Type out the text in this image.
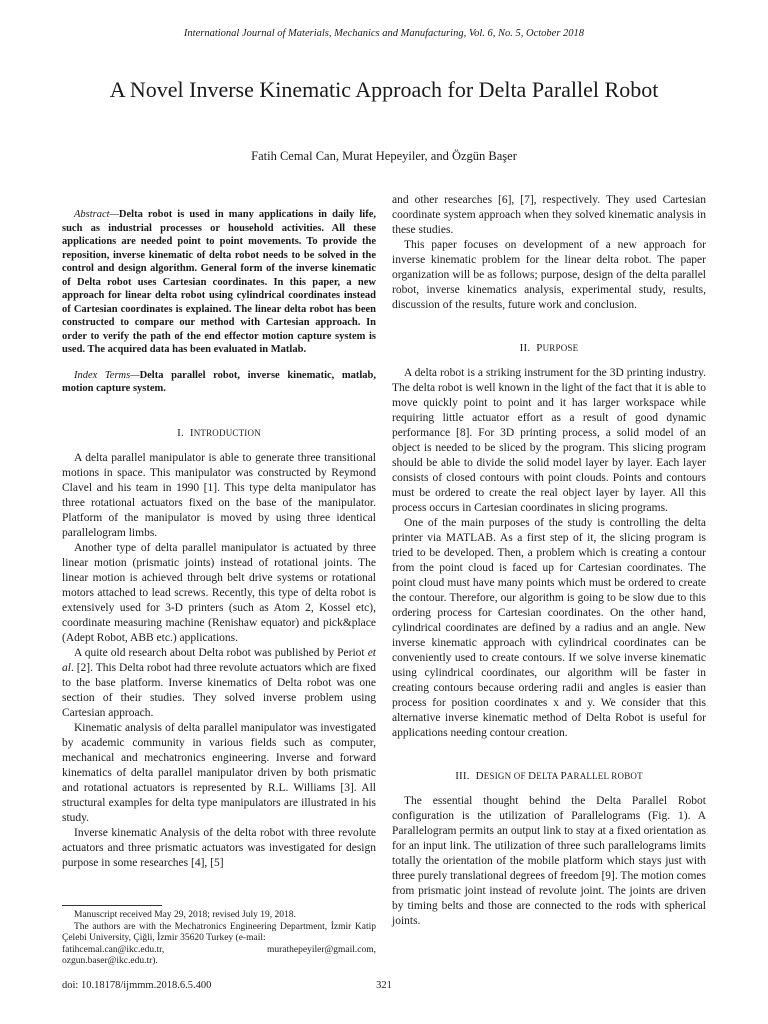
International Journal of Materials, Mechanics and Manufacturing, Vol. 6, No. 5, October 2018
A Novel Inverse Kinematic Approach for Delta Parallel Robot
Fatih Cemal Can, Murat Hepeyiler, and Özgün Başer

Abstract—Delta robot is used in many applications in daily life, such as industrial processes or household activities. All these applications are needed point to point movements. To provide the reposition, inverse kinematic of delta robot needs to be solved in the control and design algorithm. General form of the inverse kinematic of Delta robot uses Cartesian coordinates. In this paper, a new approach for linear delta robot using cylindrical coordinates instead of Cartesian coordinates is explained. The linear delta robot has been constructed to compare our method with Cartesian approach. In order to verify the path of the end effector motion capture system is used. The acquired data has been evaluated in Matlab.

Index Terms—Delta parallel robot, inverse kinematic, matlab, motion capture system.

I. INTRODUCTION

A delta parallel manipulator is able to generate three transitional motions in space. This manipulator was constructed by Reymond Clavel and his team in 1990 [1]. This type delta manipulator has three rotational actuators fixed on the base of the manipulator. Platform of the manipulator is moved by using three identical parallelogram limbs.

Another type of delta parallel manipulator is actuated by three linear motion (prismatic joints) instead of rotational joints. The linear motion is achieved through belt drive systems or rotational motors attached to lead screws. Recently, this type of delta robot is extensively used for 3-D printers (such as Atom 2, Kossel etc), coordinate measuring machine (Renishaw equator) and pick&place (Adept Robot, ABB etc.) applications.

A quite old research about Delta robot was published by Periot et al. [2]. This Delta robot had three revolute actuators which are fixed to the base platform. Inverse kinematics of Delta robot was one section of their studies. They solved inverse problem using Cartesian approach.

Kinematic analysis of delta parallel manipulator was investigated by academic community in various fields such as computer, mechanical and mechatronics engineering. Inverse and forward kinematics of delta parallel manipulator driven by both prismatic and rotational actuators is represented by R.L. Williams [3]. All structural examples for delta type manipulators are illustrated in his study.

Inverse kinematic Analysis of the delta robot with three revolute actuators and three prismatic actuators was investigated for design purpose in some researches [4], [5]

Manuscript received May 29, 2018; revised July 19, 2018.

The authors are with the Mechatronics Engineering Department, İzmir Katip Çelebi University, Çiğli, İzmir 35620 Turkey (e-mail:

fatihcemal.can@ikc.edu.tr,	murathepeyiler@gmail.com,
ozgun.baser@ikc.edu.tr).

and other researches [6], [7], respectively. They used Cartesian coordinate system approach when they solved kinematic analysis in these studies.

This paper focuses on development of a new approach for inverse kinematic problem for the linear delta robot. The paper organization will be as follows; purpose, design of the delta parallel robot, inverse kinematics analysis, experimental study, results, discussion of the results, future work and conclusion.

II. PURPOSE

A delta robot is a striking instrument for the 3D printing industry. The delta robot is well known in the light of the fact that it is able to move quickly point to point and it has larger workspace while requiring little actuator effort as a result of good dynamic performance [8]. For 3D printing process, a solid model of an object is needed to be sliced by the program. This slicing program should be able to divide the solid model layer by layer. Each layer consists of closed contours with point clouds. Points and contours must be ordered to create the real object layer by layer. All this process occurs in Cartesian coordinates in slicing programs.

One of the main purposes of the study is controlling the delta printer via MATLAB. As a first step of it, the slicing program is tried to be developed. Then, a problem which is creating a contour from the point cloud is faced up for Cartesian coordinates. The point cloud must have many points which must be ordered to create the contour. Therefore, our algorithm is going to be slow due to this ordering process for Cartesian coordinates. On the other hand, cylindrical coordinates are defined by a radius and an angle. New inverse kinematic approach with cylindrical coordinates can be conveniently used to create contours. If we solve inverse kinematic using cylindrical coordinates, our algorithm will be faster in creating contours because ordering radii and angles is easier than process for position coordinates x and y. We consider that this alternative inverse kinematic method of Delta Robot is useful for applications needing contour creation.

III. DESIGN OF DELTA PARALLEL ROBOT

The essential thought behind the Delta Parallel Robot configuration is the utilization of Parallelograms (Fig. 1). A Parallelogram permits an output link to stay at a fixed orientation as for an input link. The utilization of three such parallelograms limits totally the orientation of the mobile platform which stays just with three purely translational degrees of freedom [9]. The motion comes from prismatic joint instead of revolute joint. The joints are driven by timing belts and those are connected to the rods with spherical joints.

doi: 10.18178/ijmmm.2018.6.5.400	321
